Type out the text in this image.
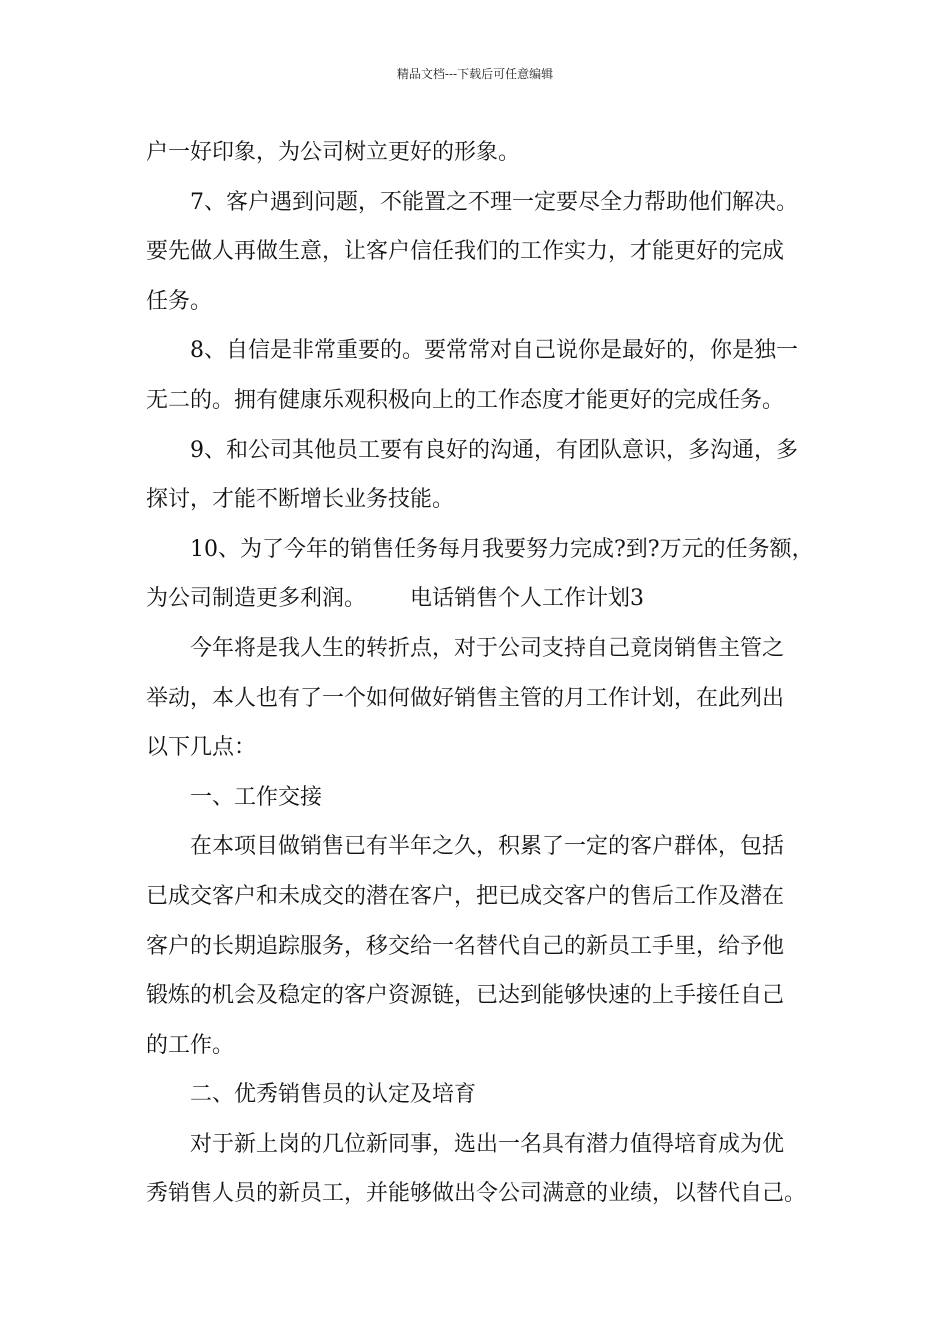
精品文档---下载后可任意编辑
户一好印象，为公司树立更好的形象。
7、客户遇到问题，不能置之不理一定要尽全力帮助他们解决。
要先做人再做生意，让客户信任我们的工作实力，才能更好的完成
任务。
8、自信是非常重要的。要常常对自己说你是最好的，你是独一
无二的。拥有健康乐观积极向上的工作态度才能更好的完成任务。
9、和公司其他员工要有良好的沟通，有团队意识，多沟通，多
探讨，才能不断增长业务技能。
10、为了今年的销售任务每月我要努力完成?到?万元的任务额，
为公司制造更多利润。 电话销售个人工作计划3
今年将是我人生的转折点，对于公司支持自己竟岗销售主管之
举动，本人也有了一个如何做好销售主管的月工作计划，在此列出
以下几点：
一、工作交接
在本项目做销售已有半年之久，积累了一定的客户群体，包括
已成交客户和未成交的潜在客户，把已成交客户的售后工作及潜在
客户的长期追踪服务，移交给一名替代自己的新员工手里，给予他
锻炼的机会及稳定的客户资源链，已达到能够快速的上手接任自己
的工作。
二、优秀销售员的认定及培育
对于新上岗的几位新同事，选出一名具有潜力值得培育成为优
秀销售人员的新员工，并能够做出令公司满意的业绩，以替代自己。
